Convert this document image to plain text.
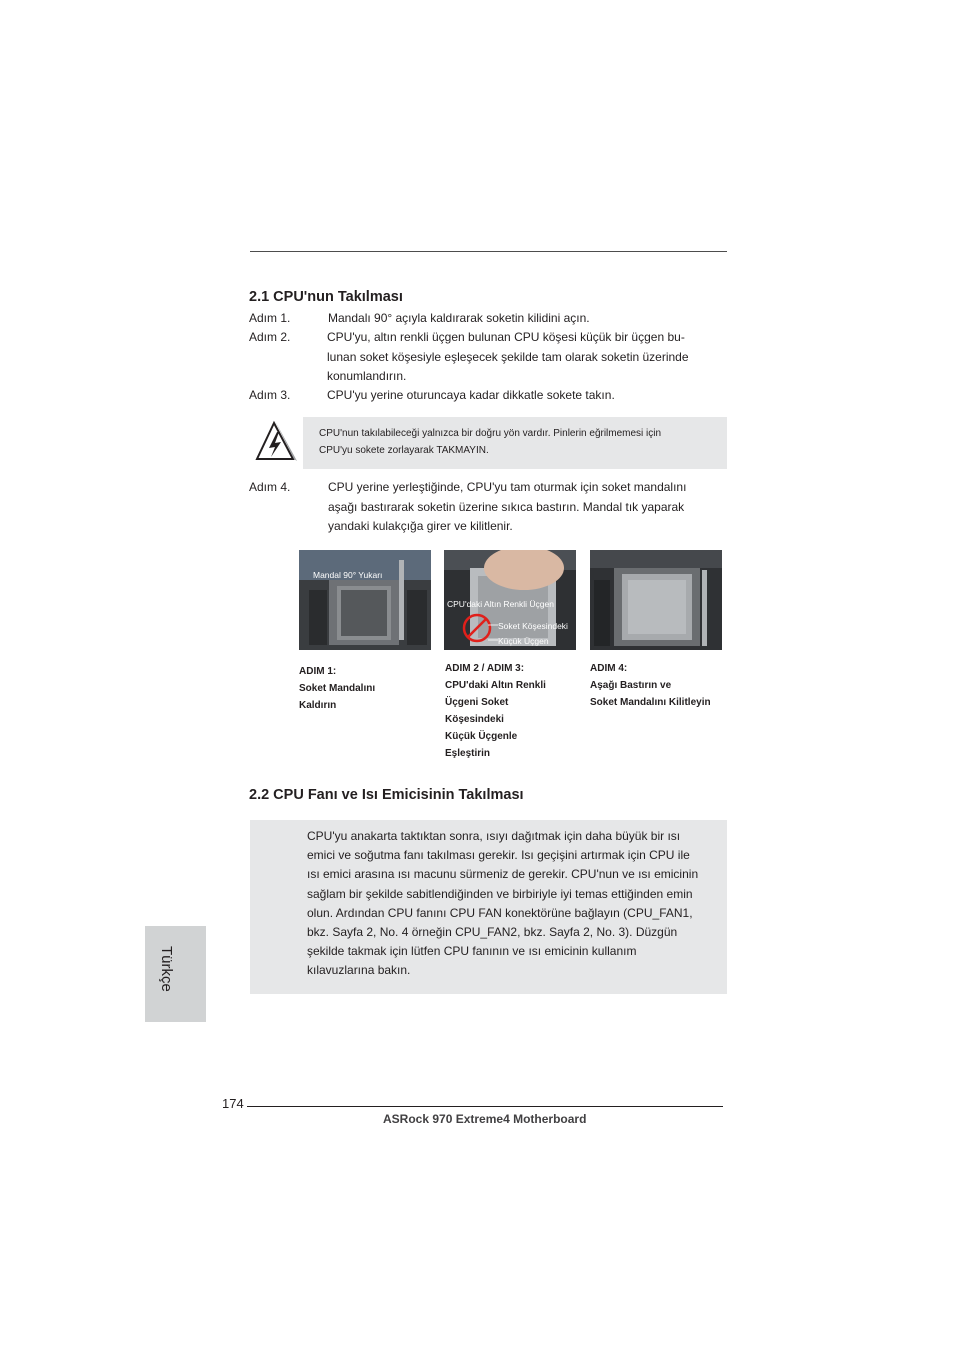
2.1 CPU'nun Takılması
Adım 1.	Mandalı 90° açıyla kaldırarak soketin kilidini açın.
Adım 2.	CPU'yu, altın renkli üçgen bulunan CPU köşesi küçük bir üçgen bu-
lunan soket köşesiyle eşleşecek şekilde tam olarak soketin üzerinde
konumlandırın.
Adım 3.	CPU'yu yerine oturuncaya kadar dikkatle sokete takın.
CPU'nun takılabileceği yalnızca bir doğru yön vardır. Pinlerin eğrilmemesi için
CPU'yu sokete zorlayarak TAKMAYIN.
Adım 4.	CPU yerine yerleştiğinde, CPU'yu tam oturmak için soket mandalını
aşağı bastırarak soketin üzerine sıkıca bastırın. Mandal tık yaparak
yandaki kulakçığa girer ve kilitlenir.
Mandal 90° Yukarı
CPU'daki Altın Renkli Üçgen
Soket Köşesindeki
Küçük Üçgen
ADIM 1:
Soket Mandalını
Kaldırın
ADIM 2 / ADIM 3:
CPU'daki Altın Renkli
Üçgeni Soket
Köşesindeki
Küçük Üçgenle
Eşleştirin
ADIM 4:
Aşağı Bastırın ve
Soket Mandalını Kilitleyin
2.2 CPU Fanı ve Isı Emicisinin Takılması
CPU'yu anakarta taktıktan sonra, ısıyı dağıtmak için daha büyük bir ısı
emici ve soğutma fanı takılması gerekir. Isı geçişini artırmak için CPU ile
ısı emici arasına ısı macunu sürmeniz de gerekir. CPU'nun ve ısı emicinin
sağlam bir şekilde sabitlendiğinden ve birbiriyle iyi temas ettiğinden emin
olun. Ardından CPU fanını CPU FAN konektörüne bağlayın (CPU_FAN1,
bkz. Sayfa 2, No. 4 örneğin CPU_FAN2, bkz. Sayfa 2, No. 3). Düzgün
şekilde takmak için lütfen CPU fanının ve ısı emicinin kullanım
kılavuzlarına bakın.
Türkçe
174
ASRock 970 Extreme4 Motherboard
